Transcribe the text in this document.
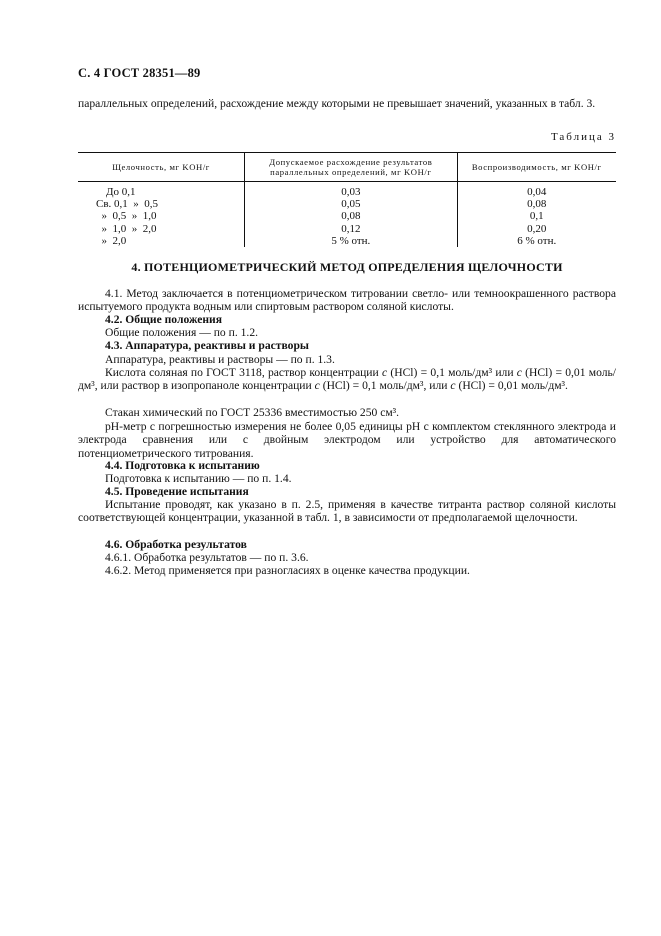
С. 4 ГОСТ 28351—89
параллельных определений, расхождение между которыми не превышает значений, указанных в табл. 3.
Таблица 3
Щелочность, мг KOH/г	Допускаемое расхождение результатов параллельных определений, мг KOH/г	Воспроизводимость, мг KOH/г

До 0,1	0,03	0,04

Св. 0,1  »  0,5	0,05	0,08

»  0,5  »  1,0	0,08	0,1

»  1,0  »  2,0	0,12	0,20

»  2,0	5 % отн.	6 % отн.
4. ПОТЕНЦИОМЕТРИЧЕСКИЙ МЕТОД ОПРЕДЕЛЕНИЯ ЩЕЛОЧНОСТИ
4.1. Метод заключается в потенциометрическом титровании светло- или темноокрашенного раствора испытуемого продукта водным или спиртовым раствором соляной кислоты.
4.2. Общие положения
Общие положения — по п. 1.2.
4.3. Аппаратура, реактивы и растворы
Аппаратура, реактивы и растворы — по п. 1.3.
Кислота соляная по ГОСТ 3118, раствор концентрации c (HCl) = 0,1 моль/дм³ или c (HCl) = 0,01 моль/дм³, или раствор в изопропаноле концентрации c (HCl) = 0,1 моль/дм³, или c (HCl) = 0,01 моль/дм³.
Стакан химический по ГОСТ 25336 вместимостью 250 см³.
pH-метр с погрешностью измерения не более 0,05 единицы pH с комплектом стеклянного электрода и электрода сравнения или с двойным электродом или устройство для автоматического потенциометрического титрования.
4.4. Подготовка к испытанию
Подготовка к испытанию — по п. 1.4.
4.5. Проведение испытания
Испытание проводят, как указано в п. 2.5, применяя в качестве титранта раствор соляной кислоты соответствующей концентрации, указанной в табл. 1, в зависимости от предполагаемой щелочности.
4.6. Обработка результатов
4.6.1. Обработка результатов — по п. 3.6.
4.6.2. Метод применяется при разногласиях в оценке качества продукции.
